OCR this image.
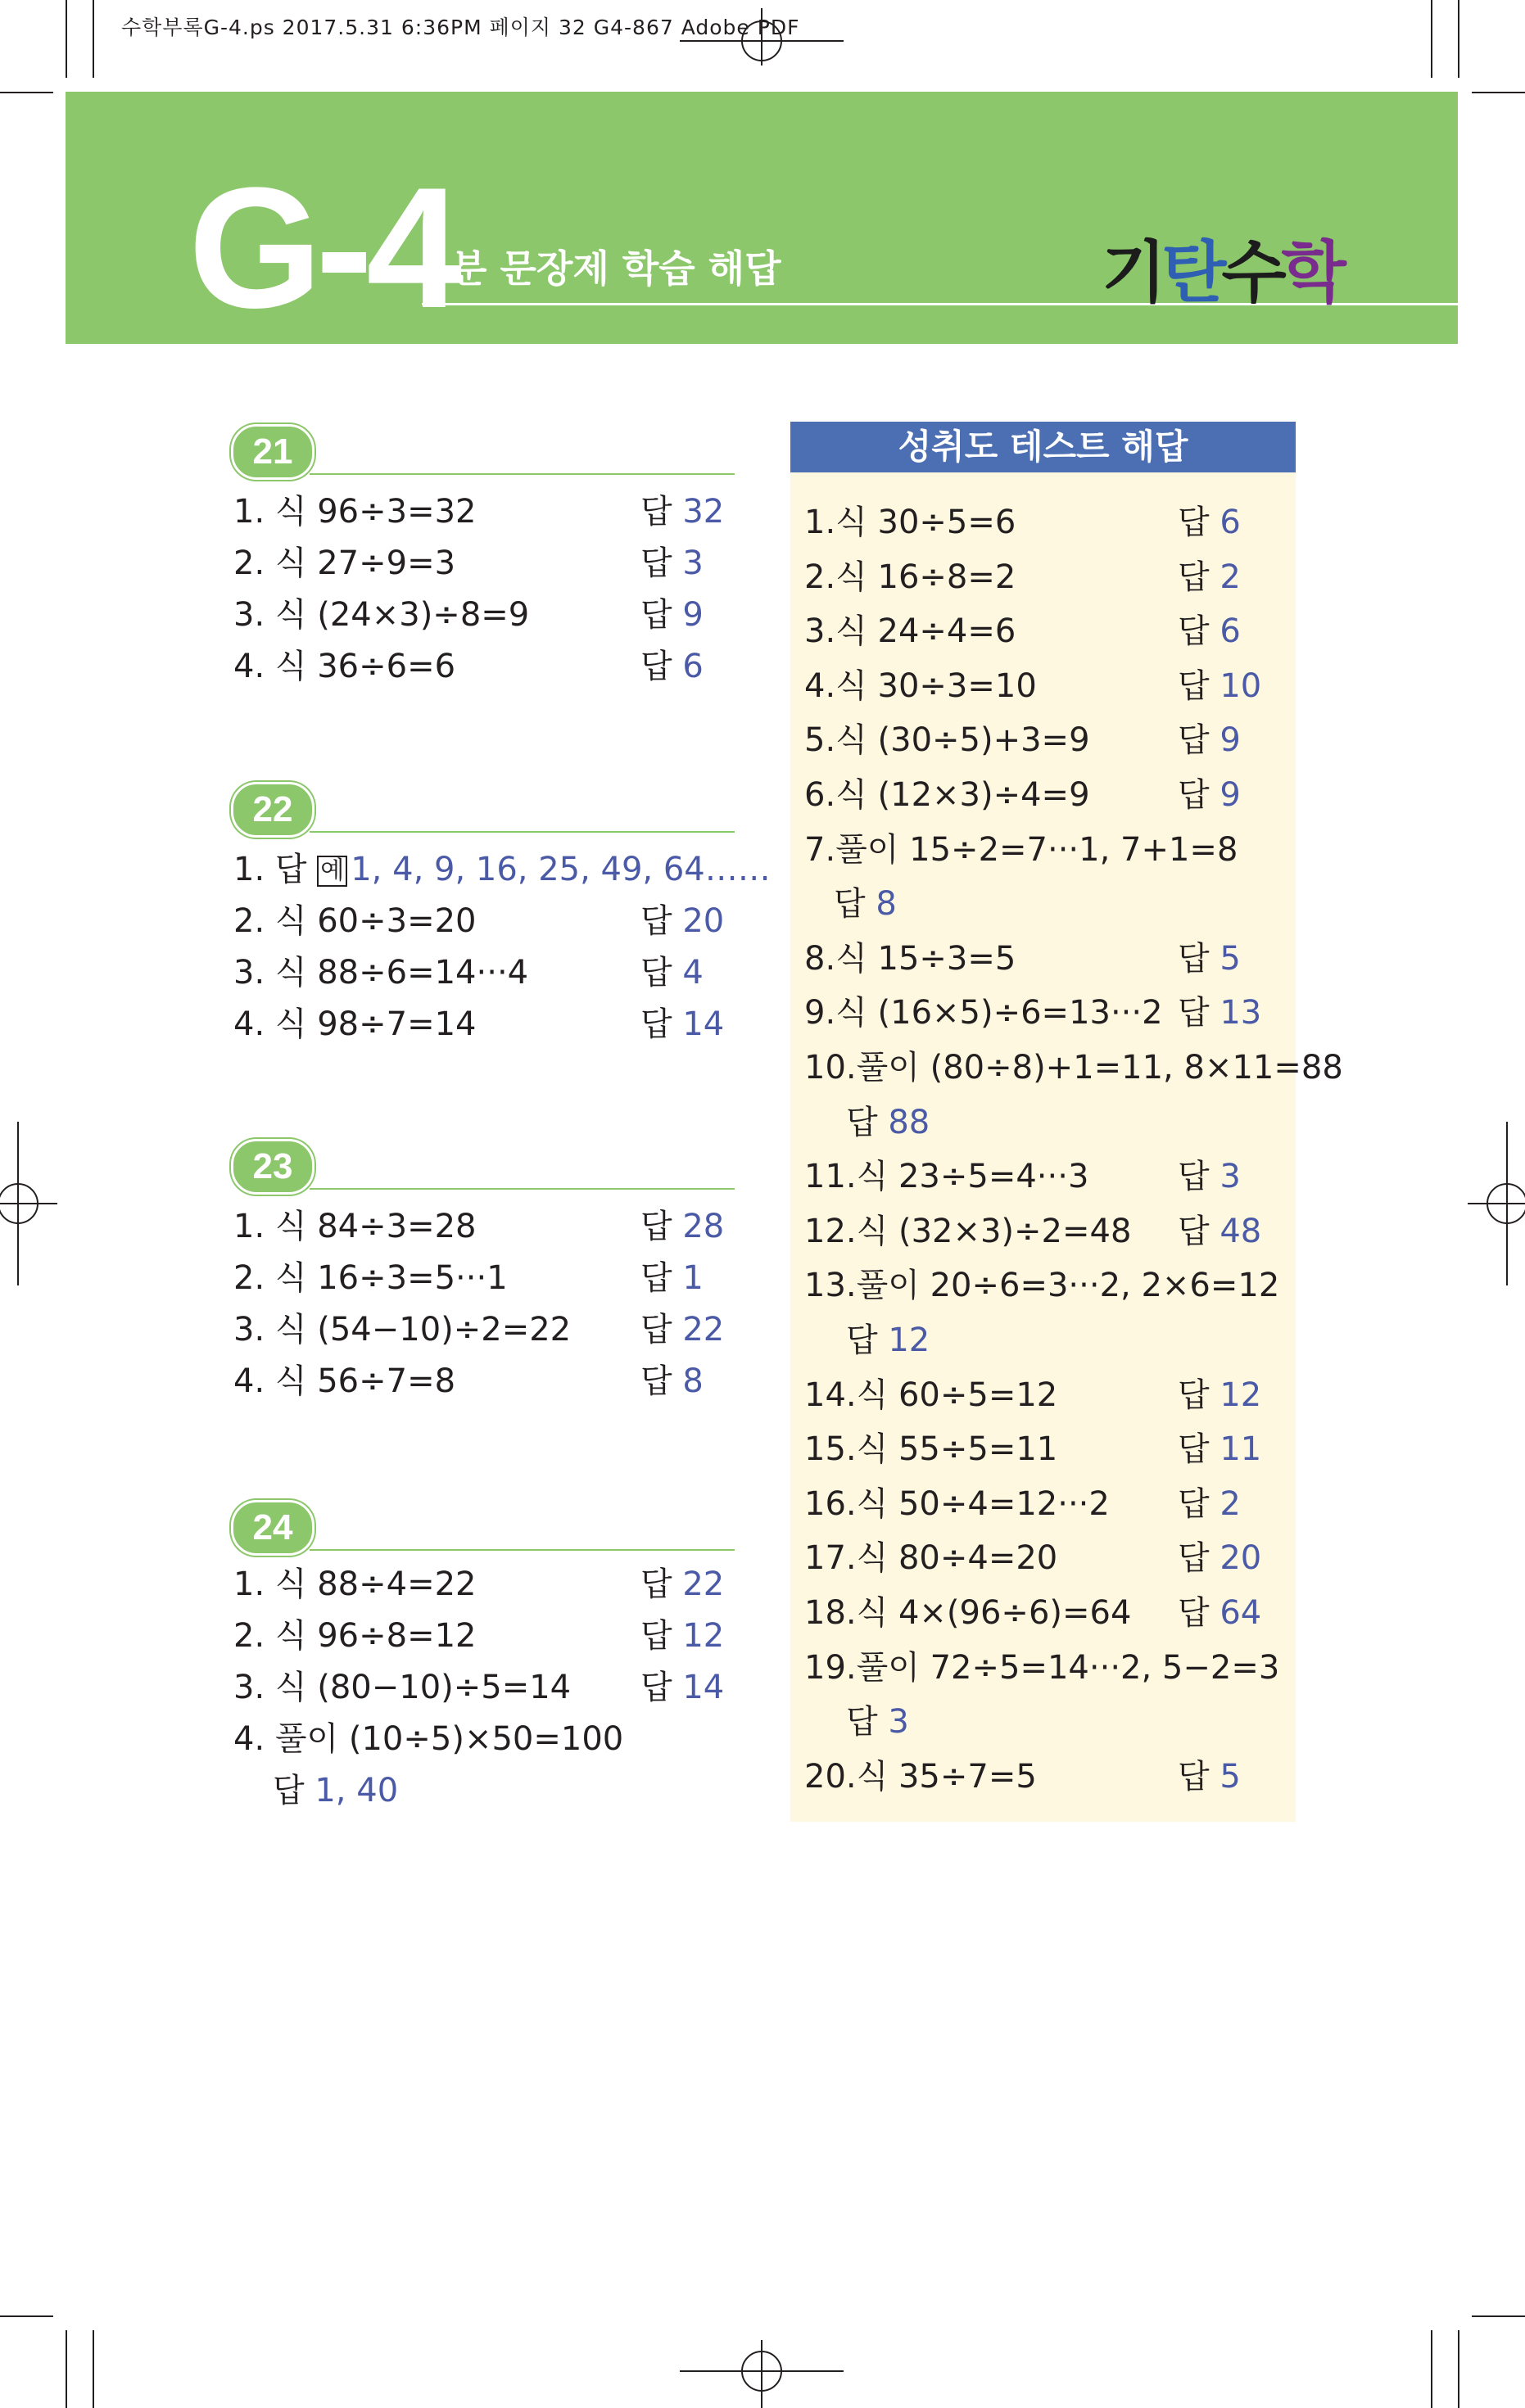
수학부록G-4.ps 2017.5.31 6:36PM 페이지 32 G4-867 Adobe PDF
G-4
4분 문장제 학습 해답	기탄수학
21
1. 식 96÷3=32	답 32
2. 식 27÷9=3	답 3
3. 식 (24×3)÷8=9	답 9
4. 식 36÷6=6	답 6
22
1. 답 예 1, 4, 9, 16, 25, 49, 64……
2. 식 60÷3=20	답 20
3. 식 88÷6=14···4	답 4
4. 식 98÷7=14	답 14
23
1. 식 84÷3=28	답 28
2. 식 16÷3=5···1	답 1
3. 식 (54−10)÷2=22 답 22
4. 식 56÷7=8	답 8
24
1. 식 88÷4=22	답 22
2. 식 96÷8=12	답 12
3. 식 (80−10)÷5=14 답 14
4. 풀이 (10÷5)×50=100
답 1, 40
성취도 테스트 해답
1.식 30÷5=6	답 6
2.식 16÷8=2	답 2
3.식 24÷4=6	답 6
4.식 30÷3=10	답 10
5.식 (30÷5)+3=9	답 9
6.식 (12×3)÷4=9	답 9
7.풀이 15÷2=7···1, 7+1=8
답 8
8.식 15÷3=5	답 5
9.식 (16×5)÷6=13···2 답 13
10.풀이 (80÷8)+1=11, 8×11=88
답 88
11.식 23÷5=4···3	답 3
12.식 (32×3)÷2=48 답 48
13.풀이 20÷6=3···2, 2×6=12
답 12
14.식 60÷5=12	답 12
15.식 55÷5=11	답 11
16.식 50÷4=12···2 답 2
17.식 80÷4=20	답 20
18.식 4×(96÷6)=64 답 64
19.풀이 72÷5=14···2, 5−2=3
답 3
20.식 35÷7=5	답 5
